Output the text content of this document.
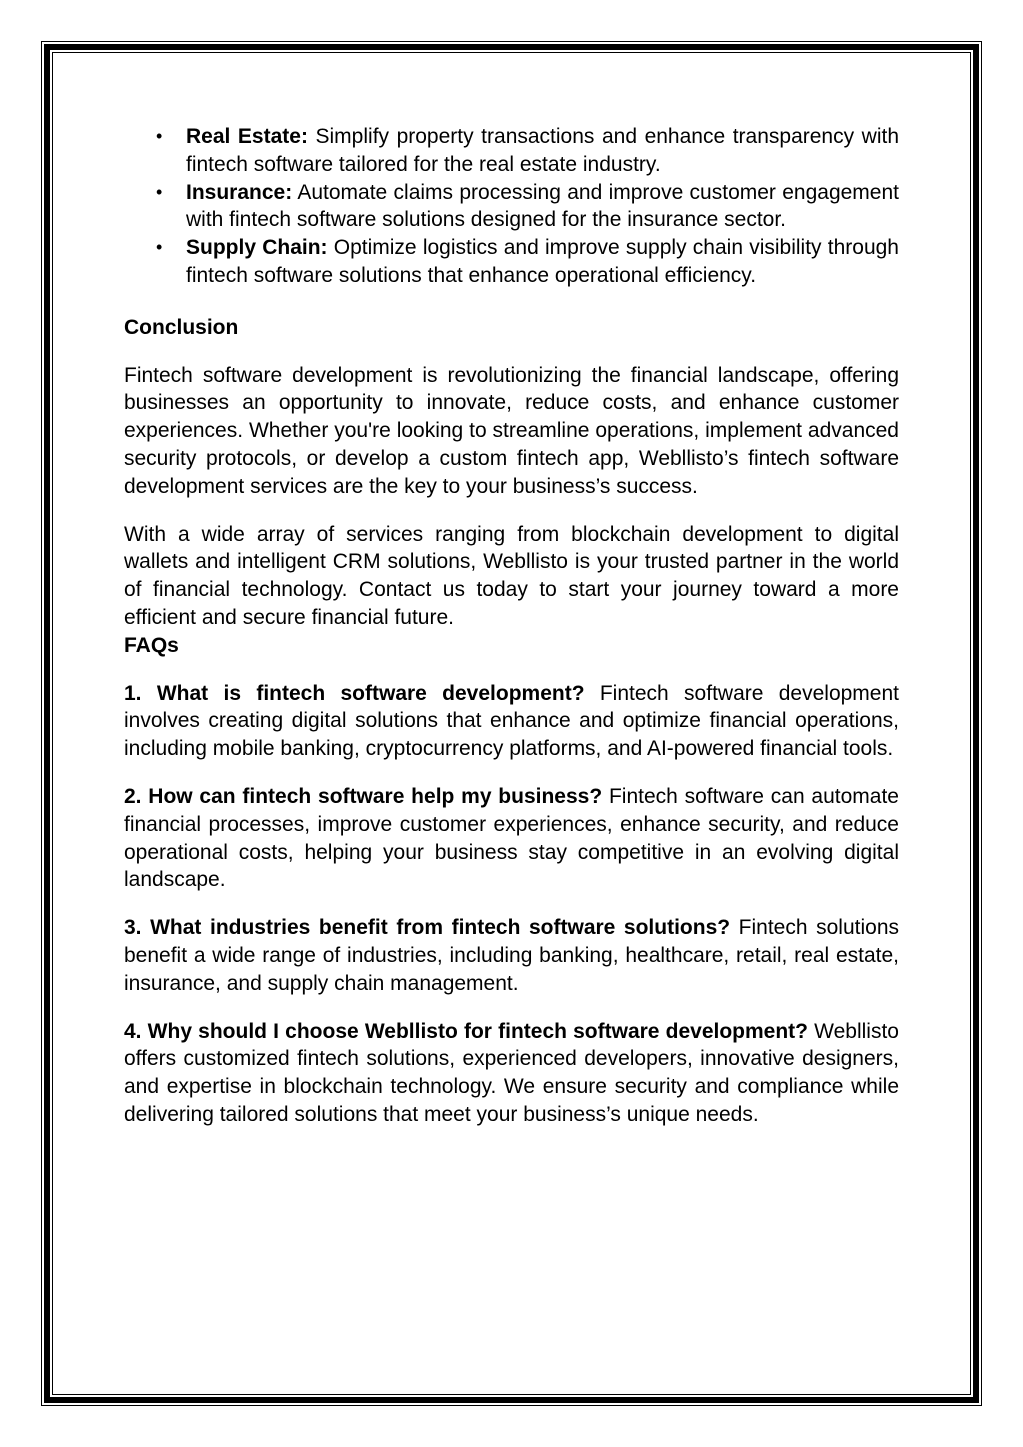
• Real Estate: Simplify property transactions and enhance transparency with fintech software tailored for the real estate industry.
• Insurance: Automate claims processing and improve customer engagement with fintech software solutions designed for the insurance sector.
• Supply Chain: Optimize logistics and improve supply chain visibility through fintech software solutions that enhance operational efficiency.
Conclusion

Fintech software development is revolutionizing the financial landscape, offering businesses an opportunity to innovate, reduce costs, and enhance customer experiences. Whether you're looking to streamline operations, implement advanced security protocols, or develop a custom fintech app, Webllisto’s fintech software development services are the key to your business’s success.

With a wide array of services ranging from blockchain development to digital wallets and intelligent CRM solutions, Webllisto is your trusted partner in the world of financial technology. Contact us today to start your journey toward a more efficient and secure financial future.

FAQs

1. What is fintech software development? Fintech software development involves creating digital solutions that enhance and optimize financial operations, including mobile banking, cryptocurrency platforms, and AI-powered financial tools.

2. How can fintech software help my business? Fintech software can automate financial processes, improve customer experiences, enhance security, and reduce operational costs, helping your business stay competitive in an evolving digital landscape.

3. What industries benefit from fintech software solutions? Fintech solutions benefit a wide range of industries, including banking, healthcare, retail, real estate, insurance, and supply chain management.

4. Why should I choose Webllisto for fintech software development? Webllisto offers customized fintech solutions, experienced developers, innovative designers, and expertise in blockchain technology. We ensure security and compliance while delivering tailored solutions that meet your business’s unique needs.
